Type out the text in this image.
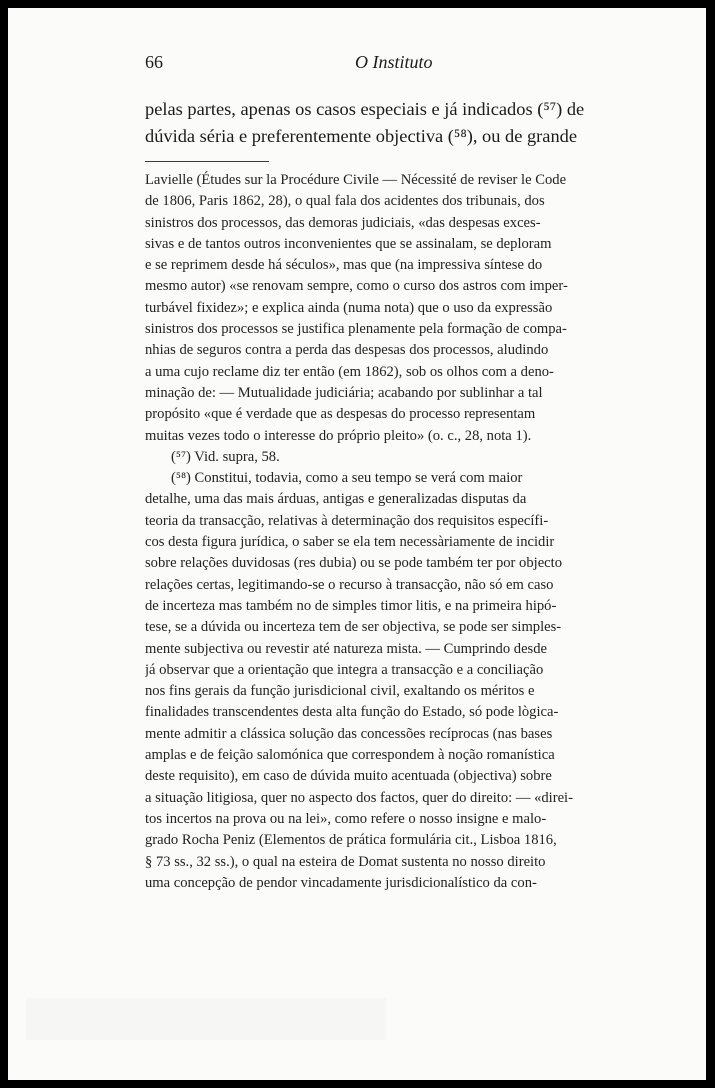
66	O Instituto

pelas partes, apenas os casos especiais e já indicados (⁵⁷) de

dúvida séria e preferentemente objectiva (⁵⁸), ou de grande

Lavielle (Études sur la Procédure Civile — Nécessité de reviser le Code
de 1806, Paris 1862, 28), o qual fala dos acidentes dos tribunais, dos
sinistros dos processos, das demoras judiciais, «das despesas exces-
sivas e de tantos outros inconvenientes que se assinalam, se deploram
e se reprimem desde há séculos», mas que (na impressiva síntese do
mesmo autor) «se renovam sempre, como o curso dos astros com imper-
turbável fixidez»; e explica ainda (numa nota) que o uso da expressão
sinistros dos processos se justifica plenamente pela formação de compa-
nhias de seguros contra a perda das despesas dos processos, aludindo
a uma cujo reclame diz ter então (em 1862), sob os olhos com a deno-
minação de: — Mutualidade judiciária; acabando por sublinhar a tal
propósito «que é verdade que as despesas do processo representam
muitas vezes todo o interesse do próprio pleito» (o. c., 28, nota 1).
(⁵⁷) Vid. supra, 58.
(⁵⁸) Constitui, todavia, como a seu tempo se verá com maior
detalhe, uma das mais árduas, antigas e generalizadas disputas da
teoria da transacção, relativas à determinação dos requisitos específi-
cos desta figura jurídica, o saber se ela tem necessàriamente de incidir
sobre relações duvidosas (res dubia) ou se pode também ter por objecto
relações certas, legitimando-se o recurso à transacção, não só em caso
de incerteza mas também no de simples timor litis, e na primeira hipó-
tese, se a dúvida ou incerteza tem de ser objectiva, se pode ser simples-
mente subjectiva ou revestir até natureza mista. — Cumprindo desde
já observar que a orientação que integra a transacção e a conciliação
nos fins gerais da função jurisdicional civil, exaltando os méritos e
finalidades transcendentes desta alta função do Estado, só pode lògica-
mente admitir a clássica solução das concessões recíprocas (nas bases
amplas e de feição salomónica que correspondem à noção romanística
deste requisito), em caso de dúvida muito acentuada (objectiva) sobre
a situação litigiosa, quer no aspecto dos factos, quer do direito: — «direi-
tos incertos na prova ou na lei», como refere o nosso insigne e malo-
grado Rocha Peniz (Elementos de prática formulária cit., Lisboa 1816,
§ 73 ss., 32 ss.), o qual na esteira de Domat sustenta no nosso direito
uma concepção de pendor vincadamente jurisdicionalístico da con-
